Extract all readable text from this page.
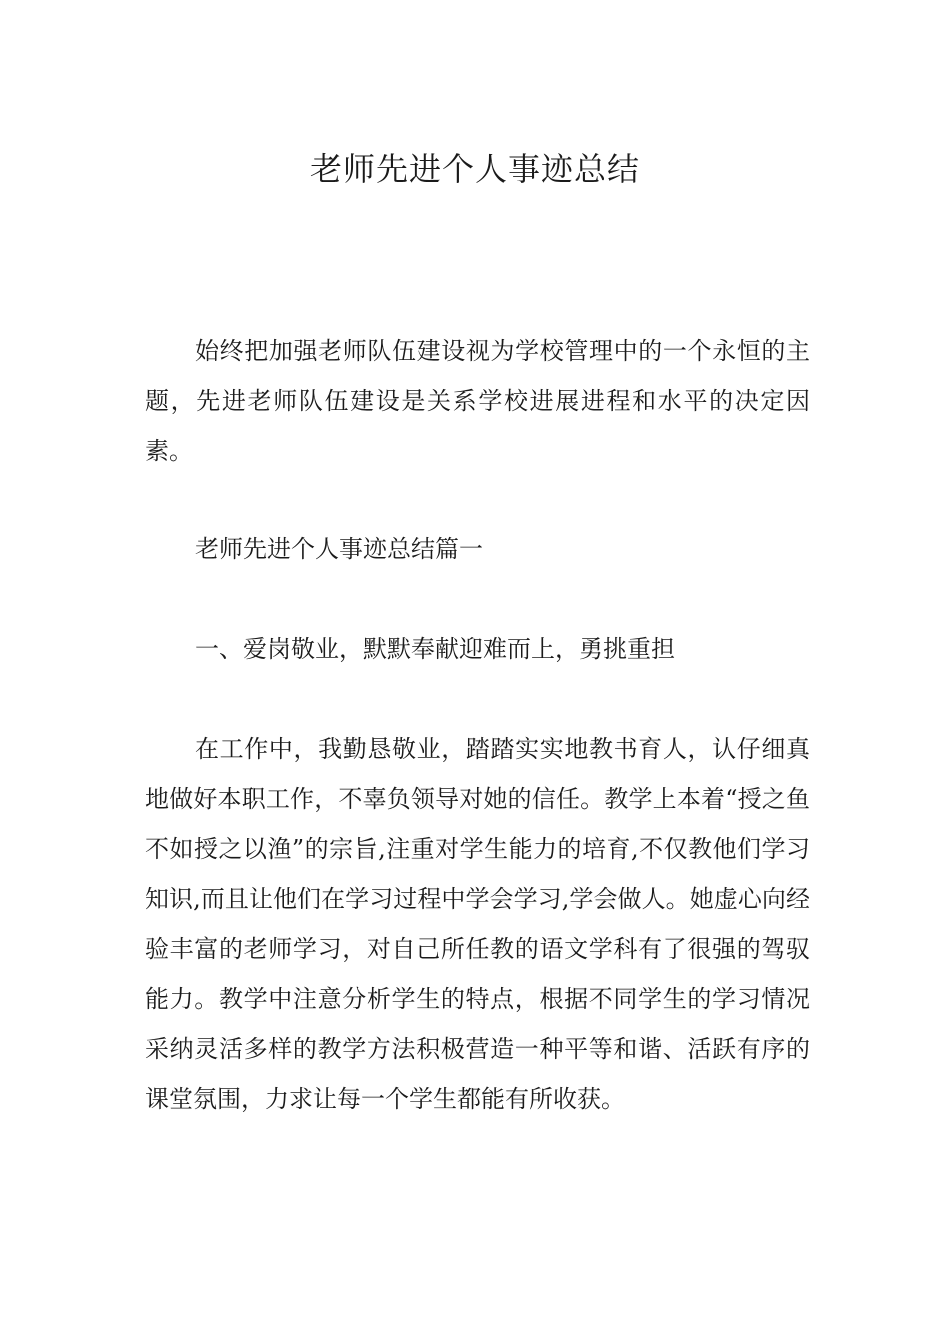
老师先进个人事迹总结

始终把加强老师队伍建设视为学校管理中的一个永恒的主题，先进老师队伍建设是关系学校进展进程和水平的决定因素。

老师先进个人事迹总结篇一

一、爱岗敬业，默默奉献迎难而上，勇挑重担

在工作中，我勤恳敬业，踏踏实实地教书育人，认仔细真地做好本职工作，不辜负领导对她的信任。教学上本着“授之鱼不如授之以渔”的宗旨,注重对学生能力的培育,不仅教他们学习知识,而且让他们在学习过程中学会学习,学会做人。她虚心向经验丰富的老师学习，对自己所任教的语文学科有了很强的驾驭能力。教学中注意分析学生的特点，根据不同学生的学习情况采纳灵活多样的教学方法积极营造一种平等和谐、活跃有序的课堂氛围，力求让每一个学生都能有所收获。
